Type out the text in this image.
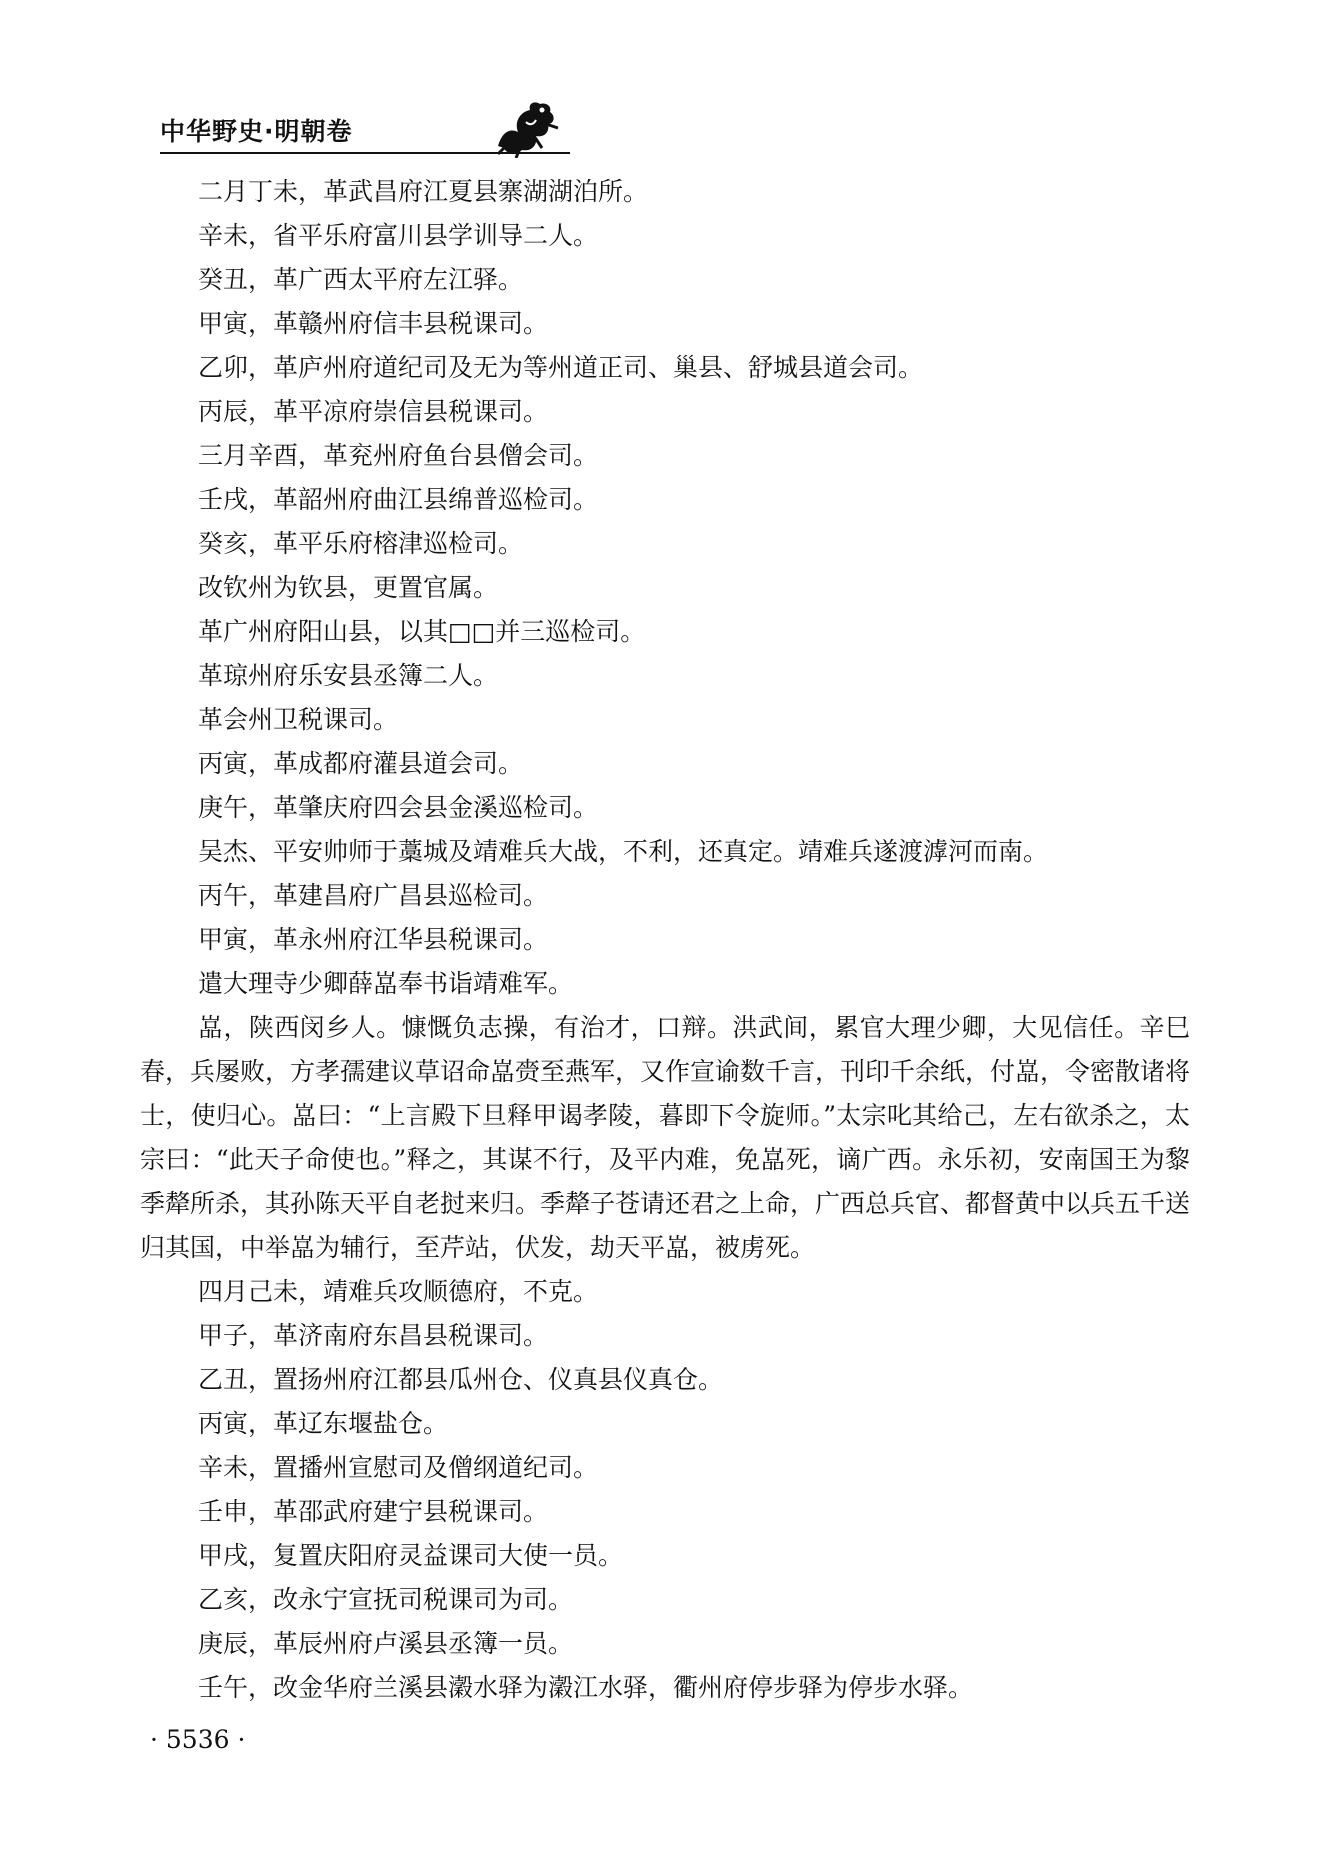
中华野史·明朝卷

二月丁未，革武昌府江夏县寨湖湖泊所。

辛未，省平乐府富川县学训导二人。

癸丑，革广西太平府左江驿。

甲寅，革赣州府信丰县税课司。

乙卯，革庐州府道纪司及无为等州道正司、巢县、舒城县道会司。

丙辰，革平凉府崇信县税课司。

三月辛酉，革兖州府鱼台县僧会司。

壬戌，革韶州府曲江县绵普巡检司。

癸亥，革平乐府榕津巡检司。

改钦州为钦县，更置官属。

革广州府阳山县，以其□□并三巡检司。

革琼州府乐安县丞簿二人。

革会州卫税课司。

丙寅，革成都府灌县道会司。

庚午，革肇庆府四会县金溪巡检司。

吴杰、平安帅师于藁城及靖难兵大战，不利，还真定。靖难兵遂渡滹河而南。

丙午，革建昌府广昌县巡检司。

甲寅，革永州府江华县税课司。

遣大理寺少卿薛嵓奉书诣靖难军。

嵓，陕西闵乡人。慷慨负志操，有治才，口辩。洪武间，累官大理少卿，大见信任。辛巳春，兵屡败，方孝孺建议草诏命嵓赍至燕军，又作宣谕数千言，刊印千余纸，付嵓，令密散诸将士，使归心。嵓曰：“上言殿下旦释甲谒孝陵，暮即下令旋师。”太宗叱其给己，左右欲杀之，太宗曰：“此天子命使也。”释之，其谋不行，及平内难，免嵓死，谪广西。永乐初，安南国王为黎季犛所杀，其孙陈天平自老挝来归。季犛子苍请还君之上命，广西总兵官、都督黄中以兵五千送归其国，中举嵓为辅行，至芹站，伏发，劫天平嵓，被虏死。

四月己未，靖难兵攻顺德府，不克。

甲子，革济南府东昌县税课司。

乙丑，置扬州府江都县瓜州仓、仪真县仪真仓。

丙寅，革辽东堰盐仓。

辛未，置播州宣慰司及僧纲道纪司。

壬申，革邵武府建宁县税课司。

甲戌，复置庆阳府灵益课司大使一员。

乙亥，改永宁宣抚司税课司为司。

庚辰，革辰州府卢溪县丞簿一员。

壬午，改金华府兰溪县瀔水驿为瀔江水驿，衢州府停步驿为停步水驿。

· 5536 ·
